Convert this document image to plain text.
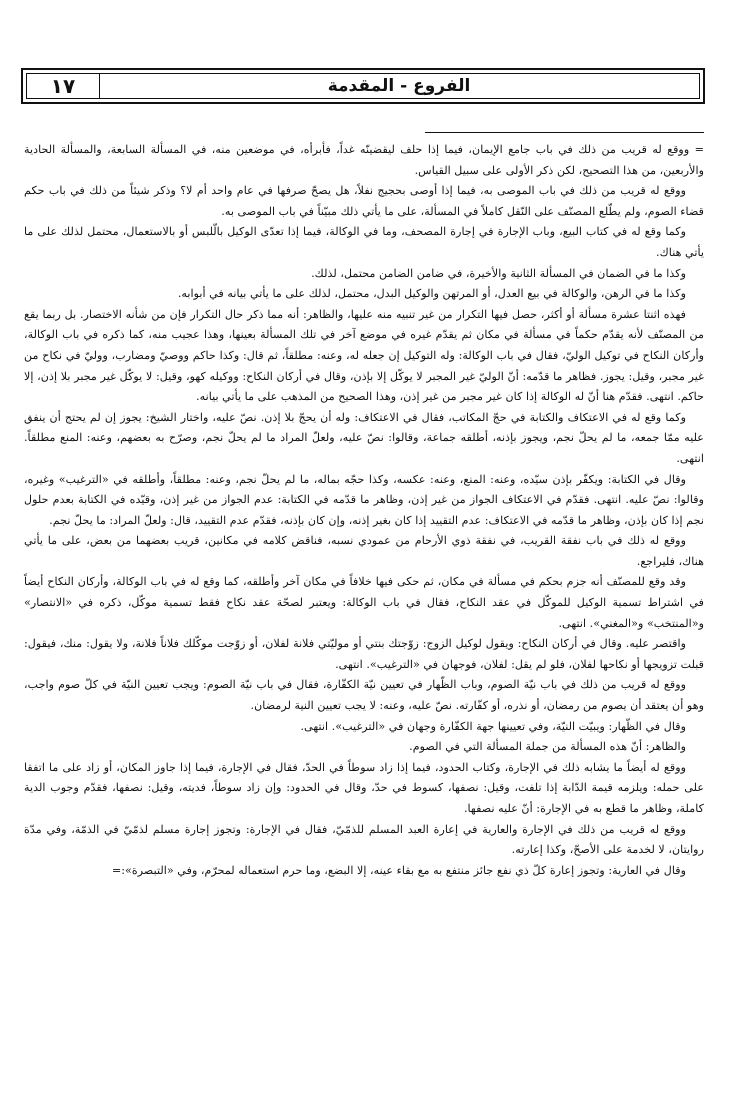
١٧	الفروع - المقدمة

= ووقع له قريب من ذلك في باب جامع الإيمان، فيما إذا حلف ليقضينّه غداً، فأبرأه، في موضعين منه، في المسألة السابعة، والمسألة الحادية والأربعين، من هذا التصحيح، لكن ذكر الأولى على سبيل القياس.

ووقع له قريب من ذلك في باب الموصى به، فيما إذا أوصى بحجيج نفلاً، هل يصحّ صرفها في عام واحد أم لا؟ وذكر شيئاً من ذلك في باب حكم قضاء الصوم، ولم يطّلع المصنّف على النّقل كاملاً في المسألة، على ما يأتي ذلك مبيّناً في باب الموصى به.

وكما وقع له في كتاب البيع، وباب الإجارة في إجارة المصحف، وما في الوكالة، فيما إذا تعدّى الوكيل بالّلبس أو بالاستعمال، محتمل لذلك على ما يأتي هناك.

وكذا ما في الضمان في المسألة الثانية والأخيرة، في ضامن الضامن محتمل، لذلك.

وكذا ما في الرهن، والوكالة في بيع العدل، أو المرتهن والوكيل البدل، محتمل، لذلك على ما يأتي بيانه في أبوابه.

فهذه اثنتا عشرة مسألة أو أكثر، حصل فيها التكرار من غير تنبيه منه عليها، والظاهر: أنه مما ذكر حال التكرار فإن من شأنه الاختصار. بل ربما يقع من المصنّف لأنه يقدّم حكماً في مسألة في مكان ثم يقدّم غيره في موضع آخر في تلك المسألة بعينها، وهذا عجيب منه، كما ذكره في باب الوكالة، وأركان النكاح في توكيل الوليّ، فقال في باب الوكالة: وله التوكيل إن جعله له، وعنه: مطلقاً، ثم قال: وكذا حاكم ووصيّ ومضارب، ووليّ في نكاح من غير مجبر، وقيل: يجوز. فظاهر ما قدّمه: أنّ الوليّ غير المجبر لا يوكّل إلا بإذن، وقال في أركان النكاح: ووكيله كهو، وقيل: لا يوكّل غير مجبر بلا إذن، إلا حاكم. انتهى. فقدّم هنا أنّ له الوكالة إذا كان غير مجبر من غير إذن، وهذا الصحيح من المذهب على ما يأتي بيانه.

وكما وقع له في الاعتكاف والكتابة في حجّ المكاتب، فقال في الاعتكاف: وله أن يحجّ بلا إذن. نصّ عليه، واختار الشيخ: يجوز إن لم يحتج أن ينفق عليه ممّا جمعه، ما لم يحلّ نجم، ويجوز بإذنه، أطلقه جماعة، وقالوا: نصّ عليه، ولعلّ المراد ما لم يحلّ نجم، وصرّح به بعضهم، وعنه: المنع مطلقاً. انتهى.

وقال في الكتابة: ويكفّر بإذن سيّده، وعنه: المنع، وعنه: عكسه، وكذا حجّه بماله، ما لم يحلّ نجم، وعنه: مطلقاً، وأطلقه في «الترغيب» وغيره، وقالوا: نصّ عليه. انتهى. فقدّم في الاعتكاف الجواز من غير إذن، وظاهر ما قدّمه في الكتابة: عدم الجواز من غير إذن، وقيّده في الكتابة بعدم حلول نجم إذا كان بإذن، وظاهر ما قدّمه في الاعتكاف: عدم التقييد إذا كان بغير إذنه، وإن كان بإذنه، فقدّم عدم التقييد، قال: ولعلّ المراد: ما يحلّ نجم.

ووقع له ذلك في باب نفقة القريب، في نفقة ذوي الأرحام من عمودي نسبه، فناقض كلامه في مكانين، قريب بعضهما من بعض، على ما يأتي هناك، فليراجع.

وقد وقع للمصنّف أنه جزم بحكم في مسألة في مكان، ثم حكى فيها خلافاً في مكان آخر وأطلقه، كما وقع له في باب الوكالة، وأركان النكاح أيضاً في اشتراط تسمية الوكيل للموكّل في عقد النكاح، فقال في باب الوكالة: ويعتبر لصحّة عقد نكاح فقط تسمية موكّل، ذكره في «الانتصار» و«المنتخب» و«المغني». انتهى.

واقتصر عليه. وقال في أركان النكاح: ويقول لوكيل الزوج: زوّجتك بنتي أو موليّتي فلانة لفلان، أو زوّجت موكّلك فلاناً فلانة، ولا يقول: منك، فيقول: قبلت تزويجها أو نكاحها لفلان، فلو لم يقل: لفلان، فوجهان في «الترغيب». انتهى.

ووقع له قريب من ذلك في باب نيّة الصوم، وباب الظّهار في تعيين نيّة الكفّارة، فقال في باب نيّة الصوم: ويجب تعيين النيّة في كلّ صوم واجب، وهو أن يعتقد أن يصوم من رمضان، أو نذره، أو كفّارته. نصّ عليه، وعنه: لا يجب تعيين النية لرمضان.

وقال في الظّهار: ويبيّت النيّة، وفي تعيينها جهة الكفّارة وجهان في «الترغيب». انتهى.

والظاهر: أنّ هذه المسألة من جملة المسألة التي في الصوم.

ووقع له أيضاً ما يشابه ذلك في الإجارة، وكتاب الحدود، فيما إذا زاد سوطاً في الحدّ، فقال في الإجارة، فيما إذا جاوز المكان، أو زاد على ما اتفقا على حمله: ويلزمه قيمة الدّابة إذا تلفت، وقيل: نصفها، كسوط في حدّ، وقال في الحدود: وإن زاد سوطاً، فديته، وقيل: نصفها، فقدّم وجوب الدية كاملة، وظاهر ما قطع به في الإجارة: أنّ عليه نصفها.

ووقع له قريب من ذلك في الإجارة والعارية في إعارة العبد المسلم للذمّيّ، فقال في الإجارة: وتجوز إجارة مسلم لذمّيّ في الذمّة، وفي مدّة روايتان، لا لخدمة على الأصحّ، وكذا إعارته.

وقال في العارية: وتجوز إعارة كلّ ذي نفع جائز منتفع به مع بقاء عينه، إلا البضع، وما حرم استعماله لمحرّم، وفي «التبصرة»:=
